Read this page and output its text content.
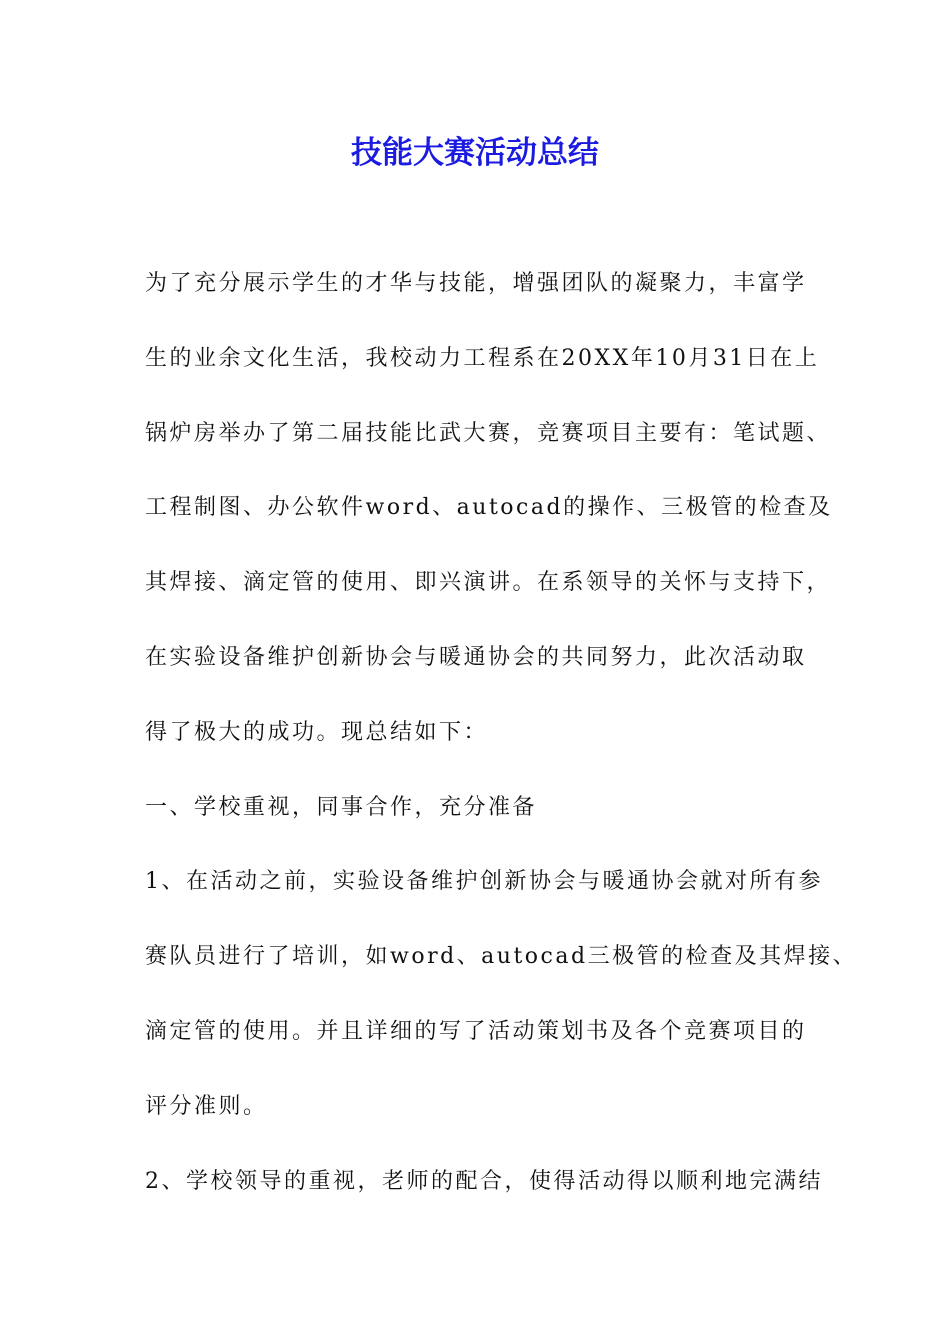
技能大赛活动总结
为了充分展示学生的才华与技能，增强团队的凝聚力，丰富学
生的业余文化生活，我校动力工程系在20XX年10月31日在上
锅炉房举办了第二届技能比武大赛，竞赛项目主要有：笔试题、
工程制图、办公软件word、autocad的操作、三极管的检查及
其焊接、滴定管的使用、即兴演讲。在系领导的关怀与支持下，
在实验设备维护创新协会与暖通协会的共同努力，此次活动取
得了极大的成功。现总结如下：
一、学校重视，同事合作，充分准备
1、在活动之前，实验设备维护创新协会与暖通协会就对所有参
赛队员进行了培训，如word、autocad三极管的检查及其焊接、
滴定管的使用。并且详细的写了活动策划书及各个竞赛项目的
评分准则。
2、学校领导的重视，老师的配合，使得活动得以顺利地完满结
